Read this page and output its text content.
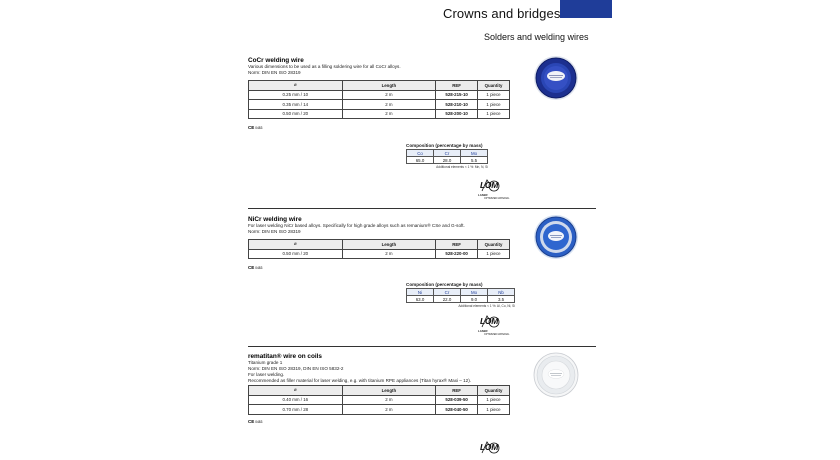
Crowns and bridges
Solders and welding wires
CoCr welding wire
Various dimensions to be used as a filling soldering wire for all CoCr alloys.
Norm: DIN EN ISO 28319
⌀	Length	REF	Quantity
0.25 mm / 10	2 m	528-215-10	1 piece
0.35 mm / 14	2 m	528-210-10	1 piece
0.50 mm / 20	2 m	528-200-10	1 piece
CE0483
Composition (percentage by mass)
Co	Cr	Mo
65.0	28.0	5.5
Additional elements < 1 %: Mn, N, Si
LOM
LASER
OPTIMIZED MATERIAL
NiCr welding wire
For laser welding NiCr based alloys. Specifically for high grade alloys such as remanium® CSe and G-soft.
Norm: DIN EN ISO 28319
⌀	Length	REF	Quantity
0.50 mm / 20	2 m	528-220-00	1 piece
CE0483
Composition (percentage by mass)
Ni	Cr	Mo	Nb
63.0	22.0	9.0	3.5
Additional elements < 1 %: Al, Co, Ni, Si
LOM
LASER
OPTIMIZED MATERIAL
rematitan® wire on coils
Titanium grade 1
Norm: DIN EN ISO 28319, DIN EN ISO 5832-2
For laser welding.
Recommended as filler material for laser welding, e.g. with titanium RPE appliances (Titan hyrax® Maxi – 12).
⌀	Length	REF	Quantity
0.40 mm / 16	2 m	528-039-50	1 piece
0.70 mm / 28	2 m	528-040-50	1 piece
CE0483
LOM
